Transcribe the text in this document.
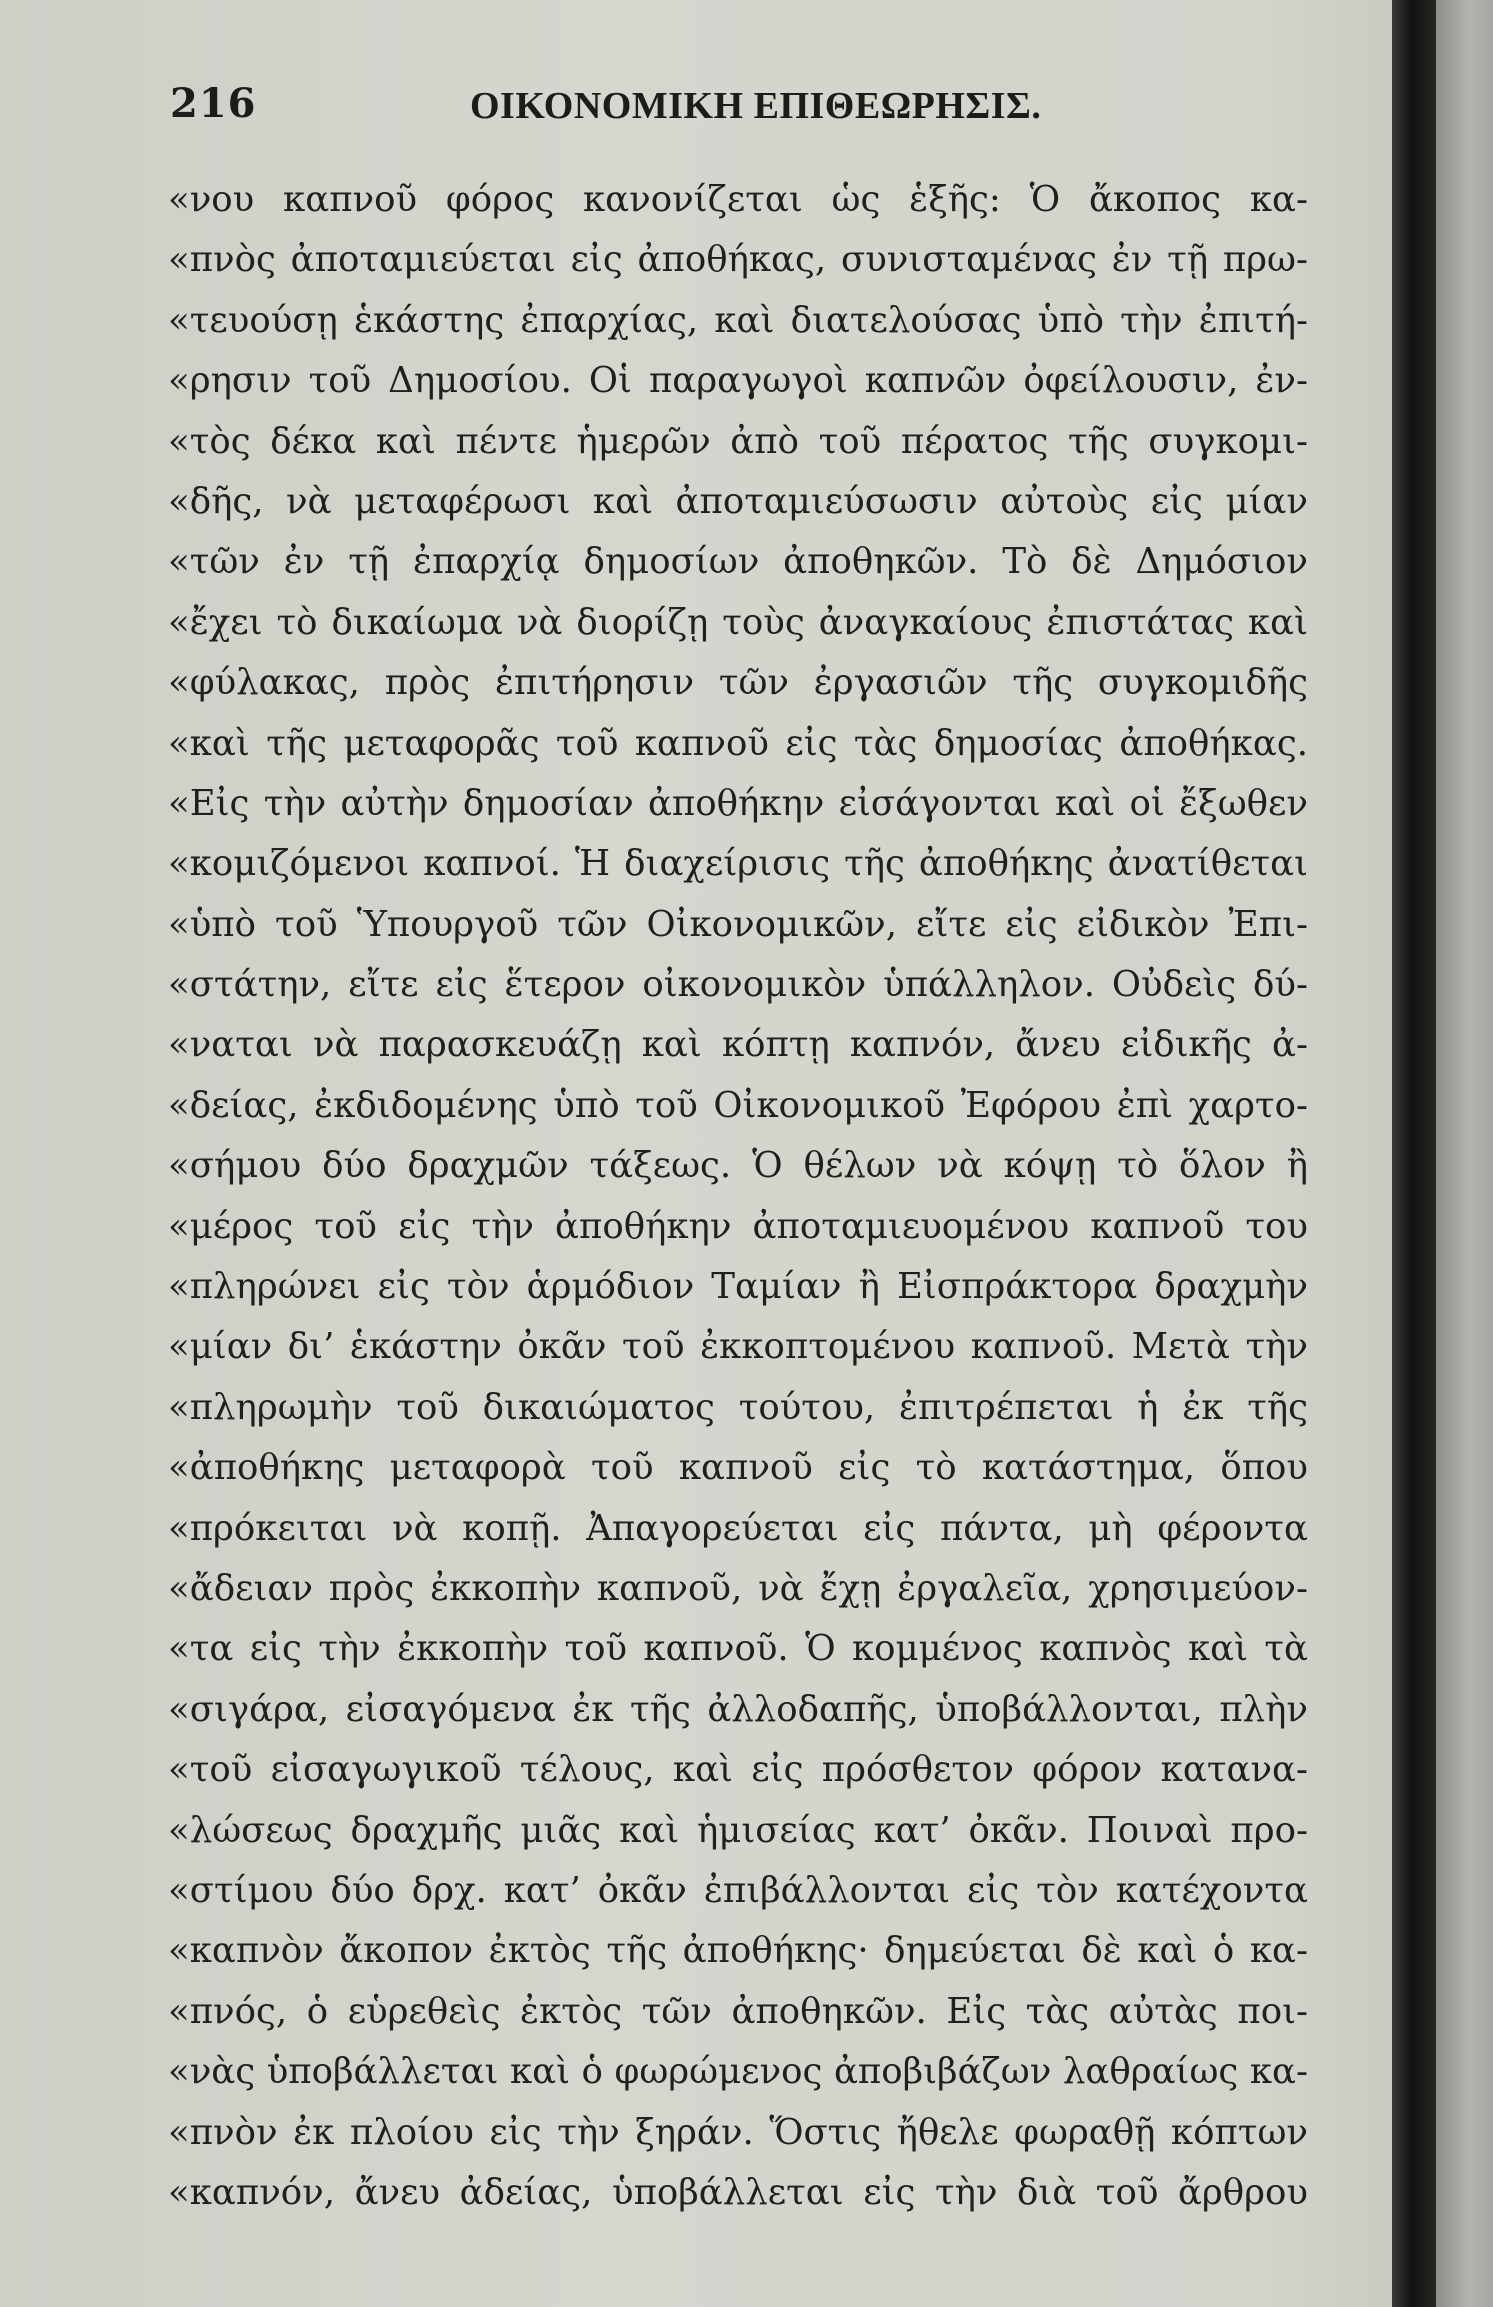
216	ΟΙΚΟΝΟΜΙΚΗ ΕΠΙΘΕΩΡΗΣΙΣ.
«νου καπνοῦ φόρος κανονίζεται ὡς ἑξῆς: Ὁ ἄκοπος κα-
«πνὸς ἀποταμιεύεται εἰς ἀποθήκας, συνισταμένας ἐν τῇ πρω-
«τευούσῃ ἑκάστης ἐπαρχίας, καὶ διατελούσας ὑπὸ τὴν ἐπιτή-
«ρησιν τοῦ Δημοσίου. Οἱ παραγωγοὶ καπνῶν ὀφείλουσιν, ἐν-
«τὸς δέκα καὶ πέντε ἡμερῶν ἀπὸ τοῦ πέρατος τῆς συγκομι-
«δῆς, νὰ μεταφέρωσι καὶ ἀποταμιεύσωσιν αὐτοὺς εἰς μίαν
«τῶν ἐν τῇ ἐπαρχίᾳ δημοσίων ἀποθηκῶν. Τὸ δὲ Δημόσιον
«ἔχει τὸ δικαίωμα νὰ διορίζῃ τοὺς ἀναγκαίους ἐπιστάτας καὶ
«φύλακας, πρὸς ἐπιτήρησιν τῶν ἐργασιῶν τῆς συγκομιδῆς
«καὶ τῆς μεταφορᾶς τοῦ καπνοῦ εἰς τὰς δημοσίας ἀποθήκας.
«Εἰς τὴν αὐτὴν δημοσίαν ἀποθήκην εἰσάγονται καὶ οἱ ἔξωθεν
«κομιζόμενοι καπνοί. Ἡ διαχείρισις τῆς ἀποθήκης ἀνατίθεται
«ὑπὸ τοῦ Ὑπουργοῦ τῶν Οἰκονομικῶν, εἴτε εἰς εἰδικὸν Ἐπι-
«στάτην, εἴτε εἰς ἕτερον οἰκονομικὸν ὑπάλληλον. Οὐδεὶς δύ-
«ναται νὰ παρασκευάζῃ καὶ κόπτῃ καπνόν, ἄνευ εἰδικῆς ἀ-
«δείας, ἐκδιδομένης ὑπὸ τοῦ Οἰκονομικοῦ Ἐφόρου ἐπὶ χαρτο-
«σήμου δύο δραχμῶν τάξεως. Ὁ θέλων νὰ κόψῃ τὸ ὅλον ἢ
«μέρος τοῦ εἰς τὴν ἀποθήκην ἀποταμιευομένου καπνοῦ του
«πληρώνει εἰς τὸν ἁρμόδιον Ταμίαν ἢ Εἰσπράκτορα δραχμὴν
«μίαν δι’ ἑκάστην ὀκᾶν τοῦ ἐκκοπτομένου καπνοῦ. Μετὰ τὴν
«πληρωμὴν τοῦ δικαιώματος τούτου, ἐπιτρέπεται ἡ ἐκ τῆς
«ἀποθήκης μεταφορὰ τοῦ καπνοῦ εἰς τὸ κατάστημα, ὅπου
«πρόκειται νὰ κοπῇ. Ἀπαγορεύεται εἰς πάντα, μὴ φέροντα
«ἄδειαν πρὸς ἐκκοπὴν καπνοῦ, νὰ ἔχῃ ἐργαλεῖα, χρησιμεύον-
«τα εἰς τὴν ἐκκοπὴν τοῦ καπνοῦ. Ὁ κομμένος καπνὸς καὶ τὰ
«σιγάρα, εἰσαγόμενα ἐκ τῆς ἀλλοδαπῆς, ὑποβάλλονται, πλὴν
«τοῦ εἰσαγωγικοῦ τέλους, καὶ εἰς πρόσθετον φόρον κατανα-
«λώσεως δραχμῆς μιᾶς καὶ ἡμισείας κατ’ ὀκᾶν. Ποιναὶ προ-
«στίμου δύο δρχ. κατ’ ὀκᾶν ἐπιβάλλονται εἰς τὸν κατέχοντα
«καπνὸν ἄκοπον ἐκτὸς τῆς ἀποθήκης· δημεύεται δὲ καὶ ὁ κα-
«πνός, ὁ εὑρεθεὶς ἐκτὸς τῶν ἀποθηκῶν. Εἰς τὰς αὐτὰς ποι-
«νὰς ὑποβάλλεται καὶ ὁ φωρώμενος ἀποβιβάζων λαθραίως κα-
«πνὸν ἐκ πλοίου εἰς τὴν ξηράν. Ὅστις ἤθελε φωραθῇ κόπτων
«καπνόν, ἄνευ ἀδείας, ὑποβάλλεται εἰς τὴν διὰ τοῦ ἄρθρου
